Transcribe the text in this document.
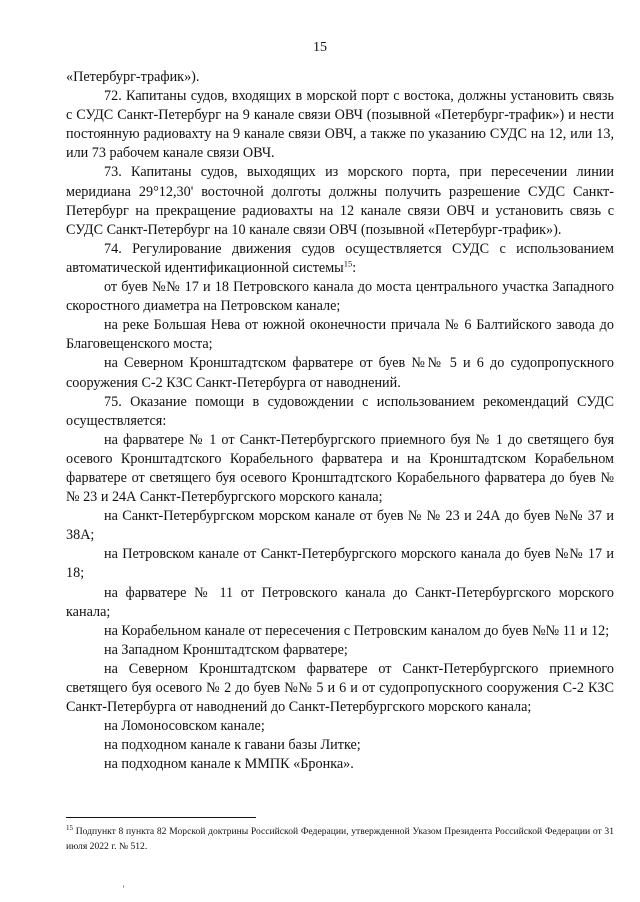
15

«Петербург-трафик»).

72. Капитаны судов, входящих в морской порт с востока, должны установить связь с СУДС Санкт-Петербург на 9 канале связи ОВЧ (позывной «Петербург-трафик») и нести постоянную радиовахту на 9 канале связи ОВЧ, а также по указанию СУДС на 12, или 13, или 73 рабочем канале связи ОВЧ.

73. Капитаны судов, выходящих из морского порта, при пересечении линии меридиана 29°12,30' восточной долготы должны получить разрешение СУДС Санкт-Петербург на прекращение радиовахты на 12 канале связи ОВЧ и установить связь с СУДС Санкт-Петербург на 10 канале связи ОВЧ (позывной «Петербург-трафик»).

74. Регулирование движения судов осуществляется СУДС с использованием автоматической идентификационной системы$^{15}$:

от буев №№ 17 и 18 Петровского канала до моста центрального участка Западного скоростного диаметра на Петровском канале;

на реке Большая Нева от южной оконечности причала № 6 Балтийского завода до Благовещенского моста;

на Северном Кронштадтском фарватере от буев №№ 5 и 6 до судопропускного сооружения С-2 КЗС Санкт-Петербурга от наводнений.

75. Оказание помощи в судовождении с использованием рекомендаций СУДС осуществляется:

на фарватере № 1 от Санкт-Петербургского приемного буя № 1 до светящего буя осевого Кронштадтского Корабельного фарватера и на Кронштадтском Корабельном фарватере от светящего буя осевого Кронштадтского Корабельного фарватера до буев №№ 23 и 24А Санкт-Петербургского морского канала;

на Санкт-Петербургском морском канале от буев № № 23 и 24А до буев №№ 37 и 38А;

на Петровском канале от Санкт-Петербургского морского канала до буев №№ 17 и 18;

на фарватере № 11 от Петровского канала до Санкт-Петербургского морского канала;

на Корабельном канале от пересечения с Петровским каналом до буев №№ 11 и 12;

на Западном Кронштадтском фарватере;

на Северном Кронштадтском фарватере от Санкт-Петербургского приемного светящего буя осевого № 2 до буев №№ 5 и 6 и от судопропускного сооружения С-2 КЗС Санкт-Петербурга от наводнений до Санкт-Петербургского морского канала;

на Ломоносовском канале;

на подходном канале к гавани базы Литке;

на подходном канале к ММПК «Бронка».

$^{15}$ Подпункт 8 пункта 82 Морской доктрины Российской Федерации, утвержденной Указом Президента Российской Федерации от 31 июля 2022 г. № 512.
ʼ
